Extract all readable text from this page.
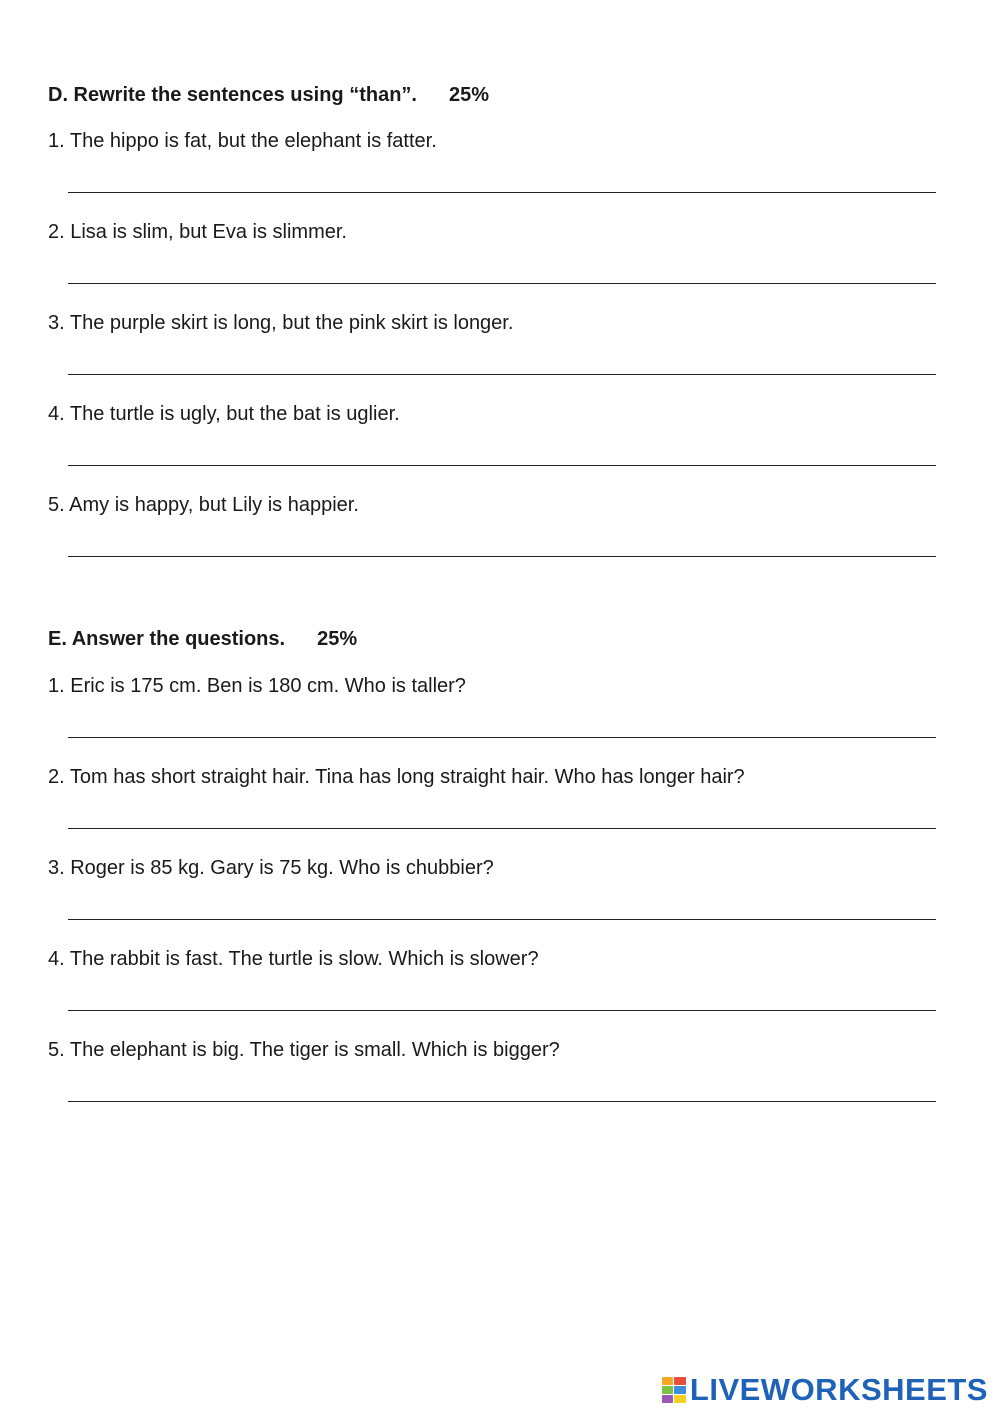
D. Rewrite the sentences using “than”. 25%
1. The hippo is fat, but the elephant is fatter.
2. Lisa is slim, but Eva is slimmer.
3. The purple skirt is long, but the pink skirt is longer.
4. The turtle is ugly, but the bat is uglier.
5. Amy is happy, but Lily is happier.
E. Answer the questions. 25%
1. Eric is 175 cm. Ben is 180 cm. Who is taller?
2. Tom has short straight hair. Tina has long straight hair. Who has longer hair?
3. Roger is 85 kg. Gary is 75 kg. Who is chubbier?
4. The rabbit is fast. The turtle is slow. Which is slower?
5. The elephant is big. The tiger is small. Which is bigger?
LIVEWORKSHEETS
